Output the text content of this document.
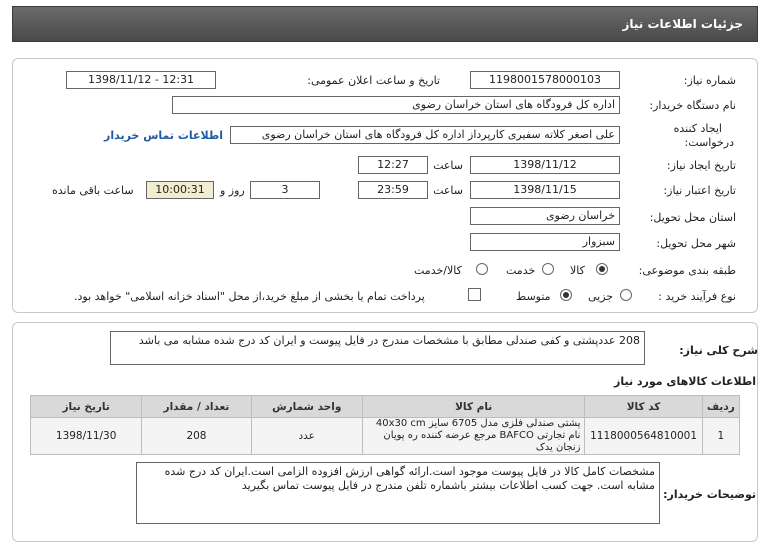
جزئیات اطلاعات نیاز
شماره نیاز:
1198001578000103
تاریخ و ساعت اعلان عمومی:
1398/11/12 - 12:31
نام دستگاه خریدار:
اداره کل فرودگاه های استان خراسان رضوی
ایجاد کننده
درخواست:
علی اصغر کلاته سفیری کارپرداز اداره کل فرودگاه های استان خراسان رضوی
اطلاعات تماس خریدار
تاریخ ایجاد نیاز:
1398/11/12
ساعت
12:27
تاریخ اعتبار نیاز:
1398/11/15
ساعت
23:59
3
روز و
10:00:31
ساعت باقی مانده
استان محل تحویل:
خراسان رضوی
شهر محل تحویل:
سبزوار
طبقه بندی موضوعی:
کالا
خدمت
کالا/خدمت
نوع فرآیند خرید :
جزیی
متوسط
پرداخت تمام یا بخشی از مبلغ خرید،از محل "اسناد خزانه اسلامی" خواهد بود.
شرح کلی نیاز:
208 عددپشتی و کفی صندلی مطابق با مشخصات مندرج در فایل پیوست و ایران کد درج شده مشابه می باشد
اطلاعات کالاهای مورد نیاز
ردیف	کد کالا	نام کالا	واحد شمارش	تعداد / مقدار	تاریخ نیاز
1	1118000564810001	پشتی صندلی فلزی مدل 6705 سایز 40x30 cm نام تجارتی BAFCO مرجع عرضه کننده ره پویان زنجان یدک	عدد	208	1398/11/30
توضیحات خریدار:
مشخصات کامل کالا در فایل پیوست موجود است.ارائه گواهی ارزش افزوده الزامی است.ایران کد درج شده مشابه است. جهت کسب اطلاعات بیشتر باشماره تلفن مندرج در فایل پیوست تماس بگیرید
